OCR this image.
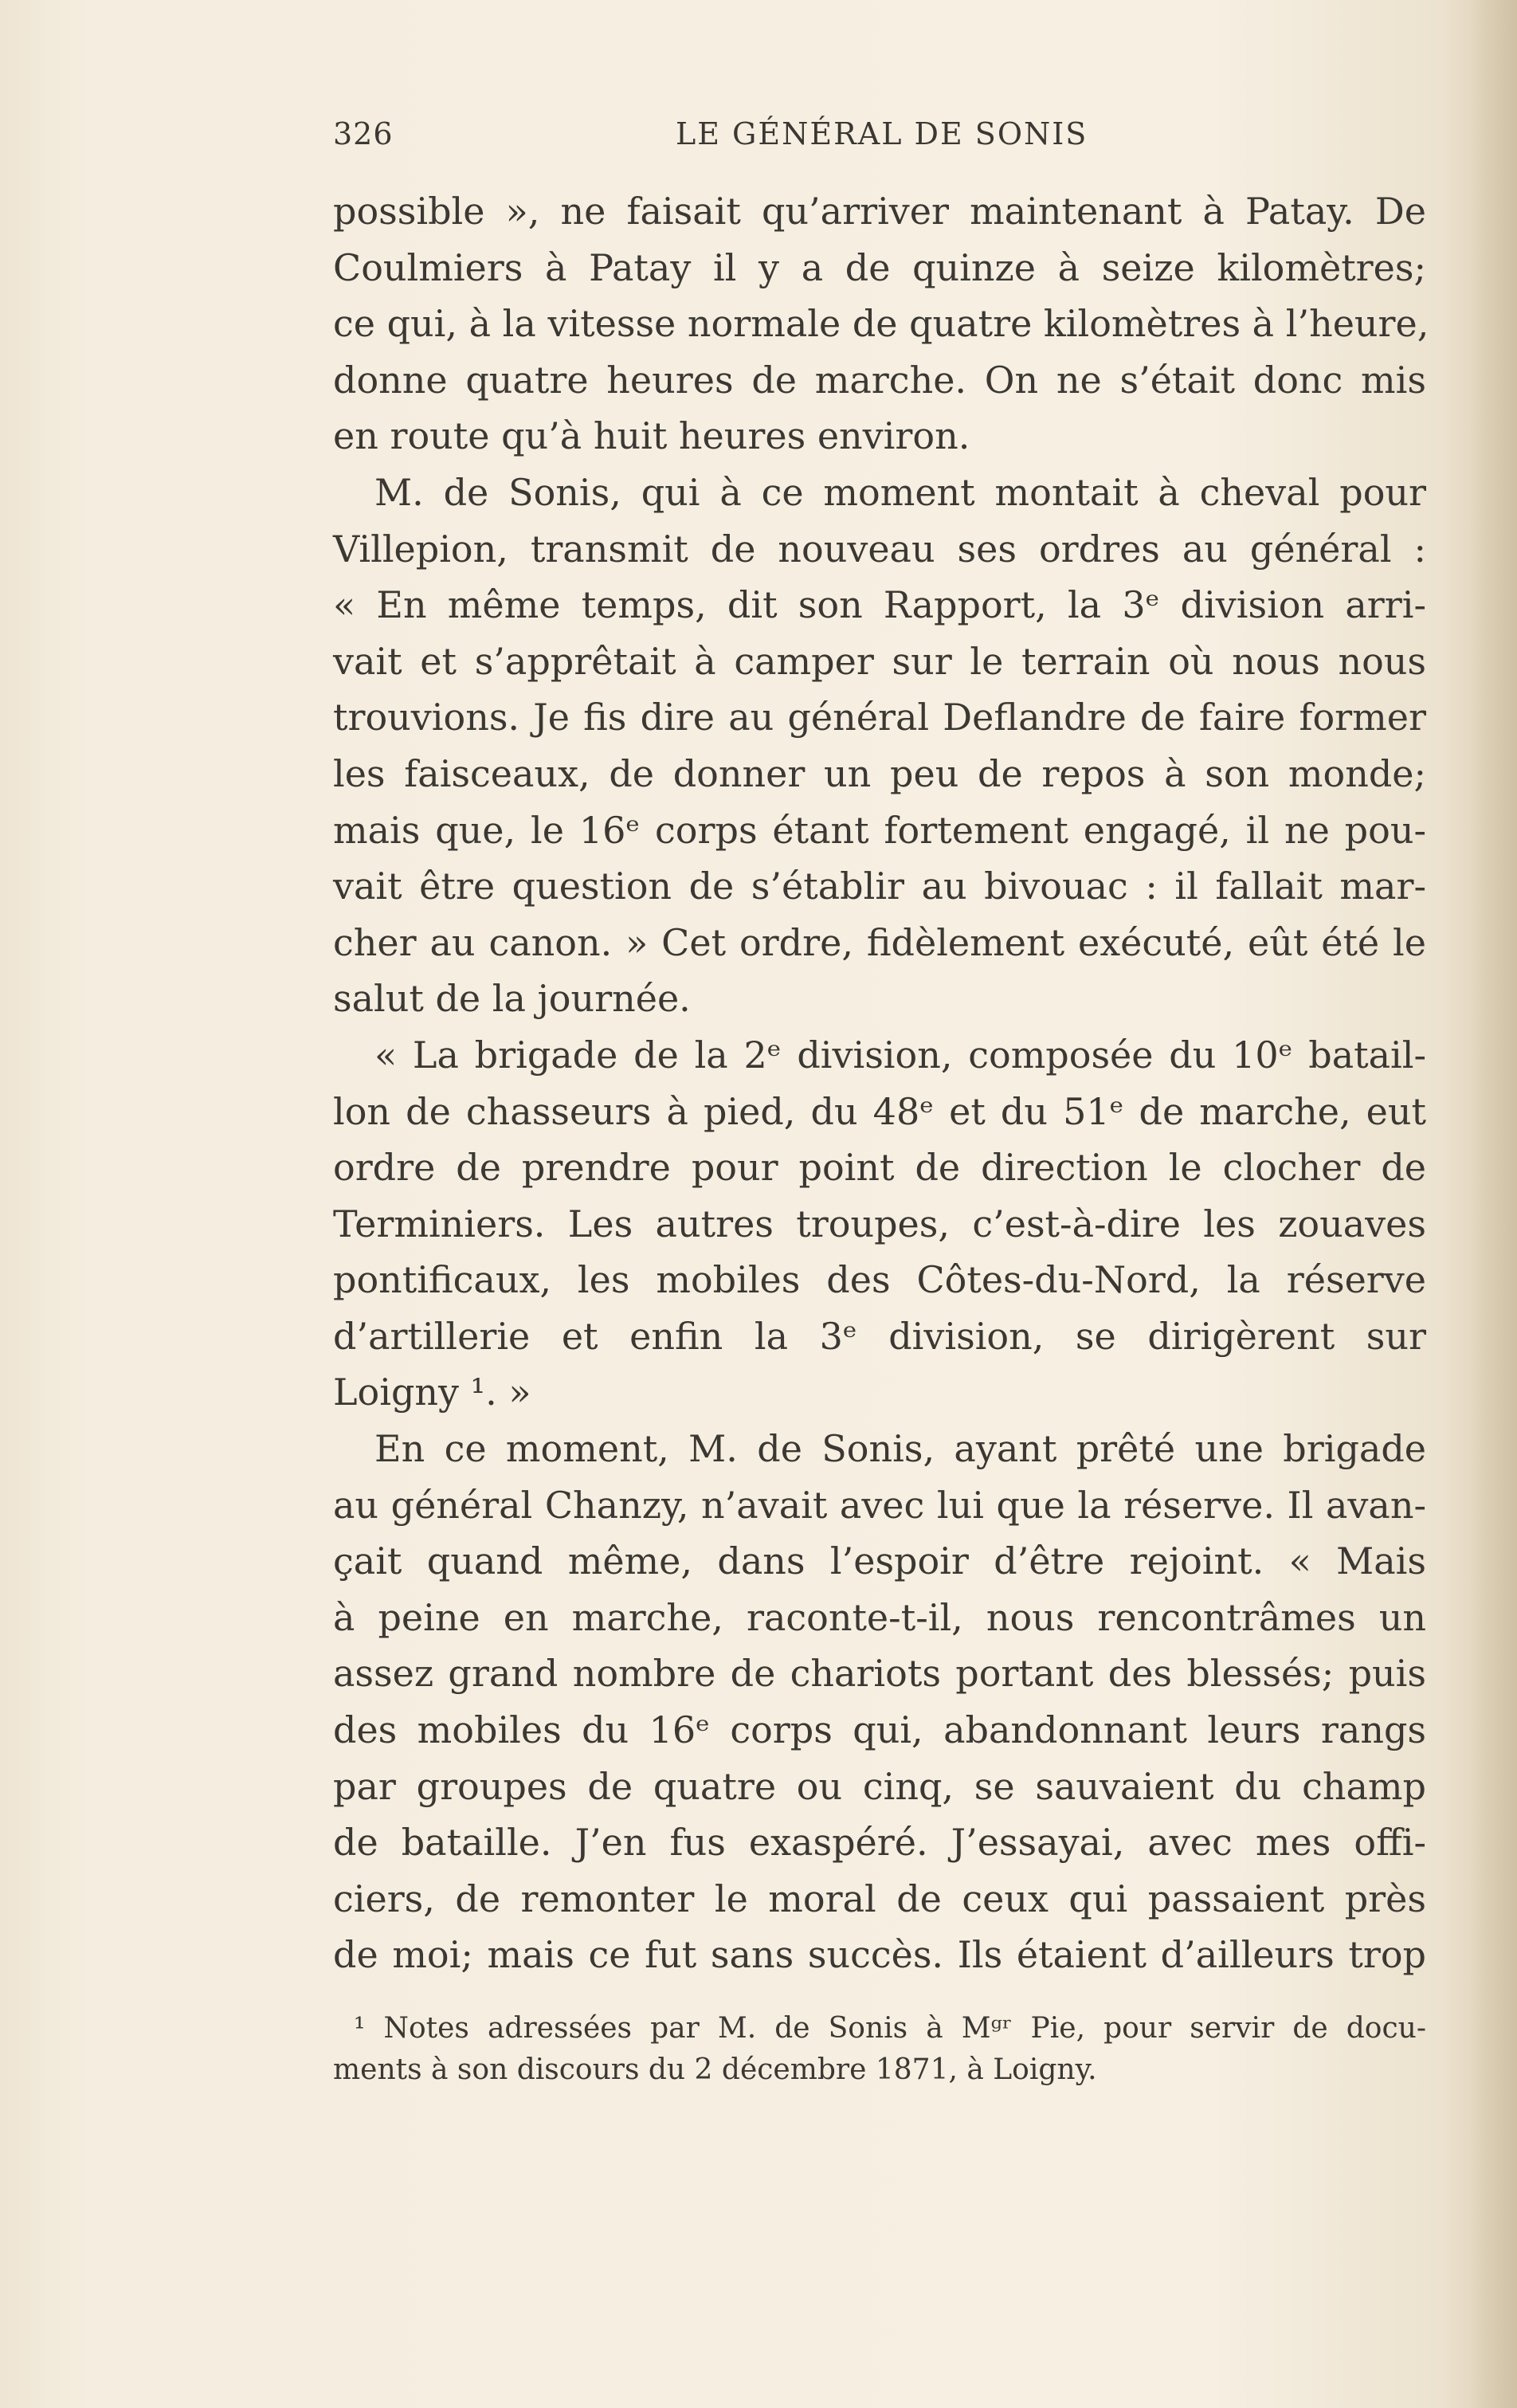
326	LE GÉNÉRAL DE SONIS
possible », ne faisait qu’arriver maintenant à Patay. De
Coulmiers à Patay il y a de quinze à seize kilomètres;
ce qui, à la vitesse normale de quatre kilomètres à l’heure,
donne quatre heures de marche. On ne s’était donc mis
en route qu’à huit heures environ.
M. de Sonis, qui à ce moment montait à cheval pour
Villepion, transmit de nouveau ses ordres au général :
« En même temps, dit son Rapport, la 3ᵉ division arri-
vait et s’apprêtait à camper sur le terrain où nous nous
trouvions. Je fis dire au général Deflandre de faire former
les faisceaux, de donner un peu de repos à son monde;
mais que, le 16ᵉ corps étant fortement engagé, il ne pou-
vait être question de s’établir au bivouac : il fallait mar-
cher au canon. » Cet ordre, fidèlement exécuté, eût été le
salut de la journée.
« La brigade de la 2ᵉ division, composée du 10ᵉ batail-
lon de chasseurs à pied, du 48ᵉ et du 51ᵉ de marche, eut
ordre de prendre pour point de direction le clocher de
Terminiers. Les autres troupes, c’est-à-dire les zouaves
pontificaux, les mobiles des Côtes-du-Nord, la réserve
d’artillerie et enfin la 3ᵉ division, se dirigèrent sur
Loigny ¹. »
En ce moment, M. de Sonis, ayant prêté une brigade
au général Chanzy, n’avait avec lui que la réserve. Il avan-
çait quand même, dans l’espoir d’être rejoint. « Mais
à peine en marche, raconte-t-il, nous rencontrâmes un
assez grand nombre de chariots portant des blessés; puis
des mobiles du 16ᵉ corps qui, abandonnant leurs rangs
par groupes de quatre ou cinq, se sauvaient du champ
de bataille. J’en fus exaspéré. J’essayai, avec mes offi-
ciers, de remonter le moral de ceux qui passaient près
de moi; mais ce fut sans succès. Ils étaient d’ailleurs trop
¹ Notes adressées par M. de Sonis à Mᵍʳ Pie, pour servir de docu-
ments à son discours du 2 décembre 1871, à Loigny.
